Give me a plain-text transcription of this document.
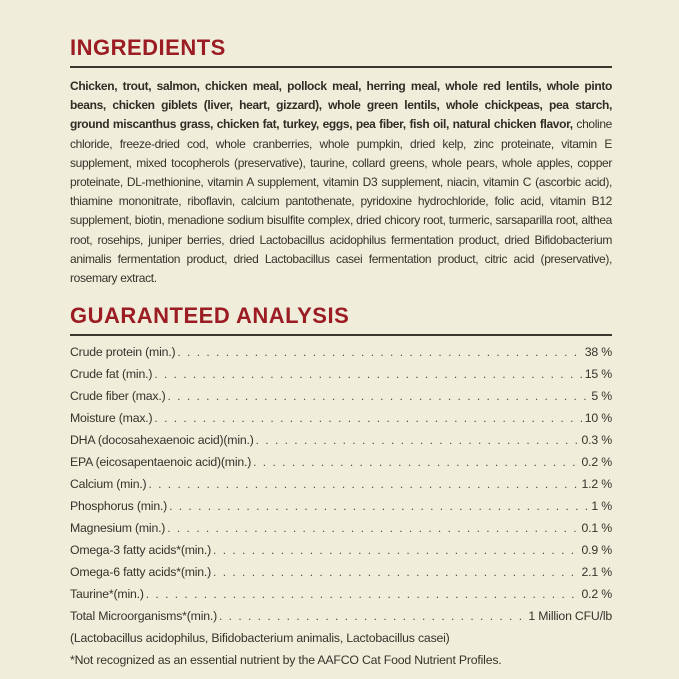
INGREDIENTS

Chicken, trout, salmon, chicken meal, pollock meal, herring meal, whole red lentils, whole pinto beans, chicken giblets (liver, heart, gizzard), whole green lentils, whole chickpeas, pea starch, ground miscanthus grass, chicken fat, turkey, eggs, pea fiber, fish oil, natural chicken flavor, choline chloride, freeze-dried cod, whole cranberries, whole pumpkin, dried kelp, zinc proteinate, vitamin E supplement, mixed tocopherols (preservative), taurine, collard greens, whole pears, whole apples, copper proteinate, DL-methionine, vitamin A supplement, vitamin D3 supplement, niacin, vitamin C (ascorbic acid), thiamine mononitrate, riboflavin, calcium pantothenate, pyridoxine hydrochloride, folic acid, vitamin B12 supplement, biotin, menadione sodium bisulfite complex, dried chicory root, turmeric, sarsaparilla root, althea root, rosehips, juniper berries, dried Lactobacillus acidophilus fermentation product, dried Bifidobacterium animalis fermentation product, dried Lactobacillus casei fermentation product, citric acid (preservative), rosemary extract.

GUARANTEED ANALYSIS
Crude protein (min.) . . .	38 %
Crude fat (min.) . . .	15 %
Crude fiber (max.) . . .	5 %
Moisture (max.) . . .	10 %
DHA (docosahexaenoic acid)(min.) . . .	0.3 %
EPA (eicosapentaenoic acid)(min.) . . .	0.2 %
Calcium (min.) . . .	1.2 %
Phosphorus (min.) . . .	1 %
Magnesium (min.) . . .	0.1 %
Omega-3 fatty acids*(min.) . . .	0.9 %
Omega-6 fatty acids*(min.) . . .	2.1 %
Taurine*(min.) . . .	0.2 %
Total Microorganisms*(min.) . . .	1 Million CFU/lb

(Lactobacillus acidophilus, Bifidobacterium animalis, Lactobacillus casei)

*Not recognized as an essential nutrient by the AAFCO Cat Food Nutrient Profiles.
